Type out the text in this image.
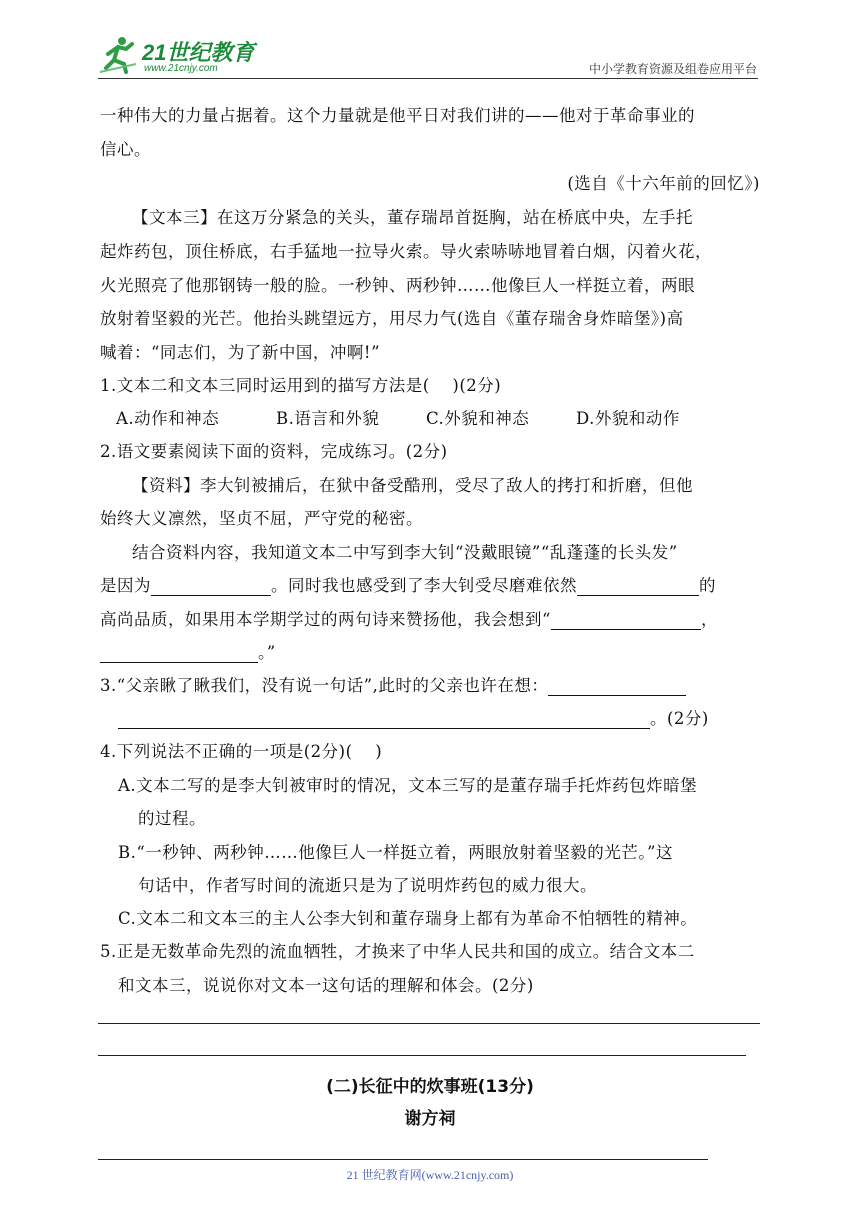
21世纪教育
www.21cnjy.com	中小学教育资源及组卷应用平台
一种伟大的力量占据着。这个力量就是他平日对我们讲的——他对于革命事业的
信心。
(选自《十六年前的回忆》)
【文本三】在这万分紧急的关头，董存瑞昂首挺胸，站在桥底中央，左手托
起炸药包，顶住桥底，右手猛地一拉导火索。导火索哧哧地冒着白烟，闪着火花，
火光照亮了他那钢铸一般的脸。一秒钟、两秒钟……他像巨人一样挺立着，两眼
放射着坚毅的光芒。他抬头跳望远方，用尽力气(选自《董存瑞舍身炸暗堡》)高
喊着：“同志们，为了新中国，冲啊!”
1.文本二和文本三同时运用到的描写方法是(　 )(2分)
A.动作和神态	B.语言和外貌	C.外貌和神态	D.外貌和动作
2.语文要素阅读下面的资料，完成练习。(2分)
【资料】李大钊被捕后，在狱中备受酷刑，受尽了敌人的拷打和折磨，但他
始终大义凛然，坚贞不屈，严守党的秘密。
结合资料内容，我知道文本二中写到李大钊“没戴眼镜”“乱蓬蓬的长头发”
是因为	。同时我也感受到了李大钊受尽磨难依然	的
高尚品质，如果用本学期学过的两句诗来赞扬他，我会想到“	，
。”
3.“父亲瞅了瞅我们，没有说一句话”,此时的父亲也许在想：
。(2分)
4.下列说法不正确的一项是(2分)(　 )
A.文本二写的是李大钊被审时的情况，文本三写的是董存瑞手托炸药包炸暗堡
的过程。
B.“一秒钟、两秒钟……他像巨人一样挺立着，两眼放射着坚毅的光芒。”这
句话中，作者写时间的流逝只是为了说明炸药包的威力很大。
C.文本二和文本三的主人公李大钊和董存瑞身上都有为革命不怕牺牲的精神。
5.正是无数革命先烈的流血牺牲，才换来了中华人民共和国的成立。结合文本二
和文本三，说说你对文本一这句话的理解和体会。(2分)
(二)长征中的炊事班(13分)
谢方祠
21 世纪教育网(www.21cnjy.com)
